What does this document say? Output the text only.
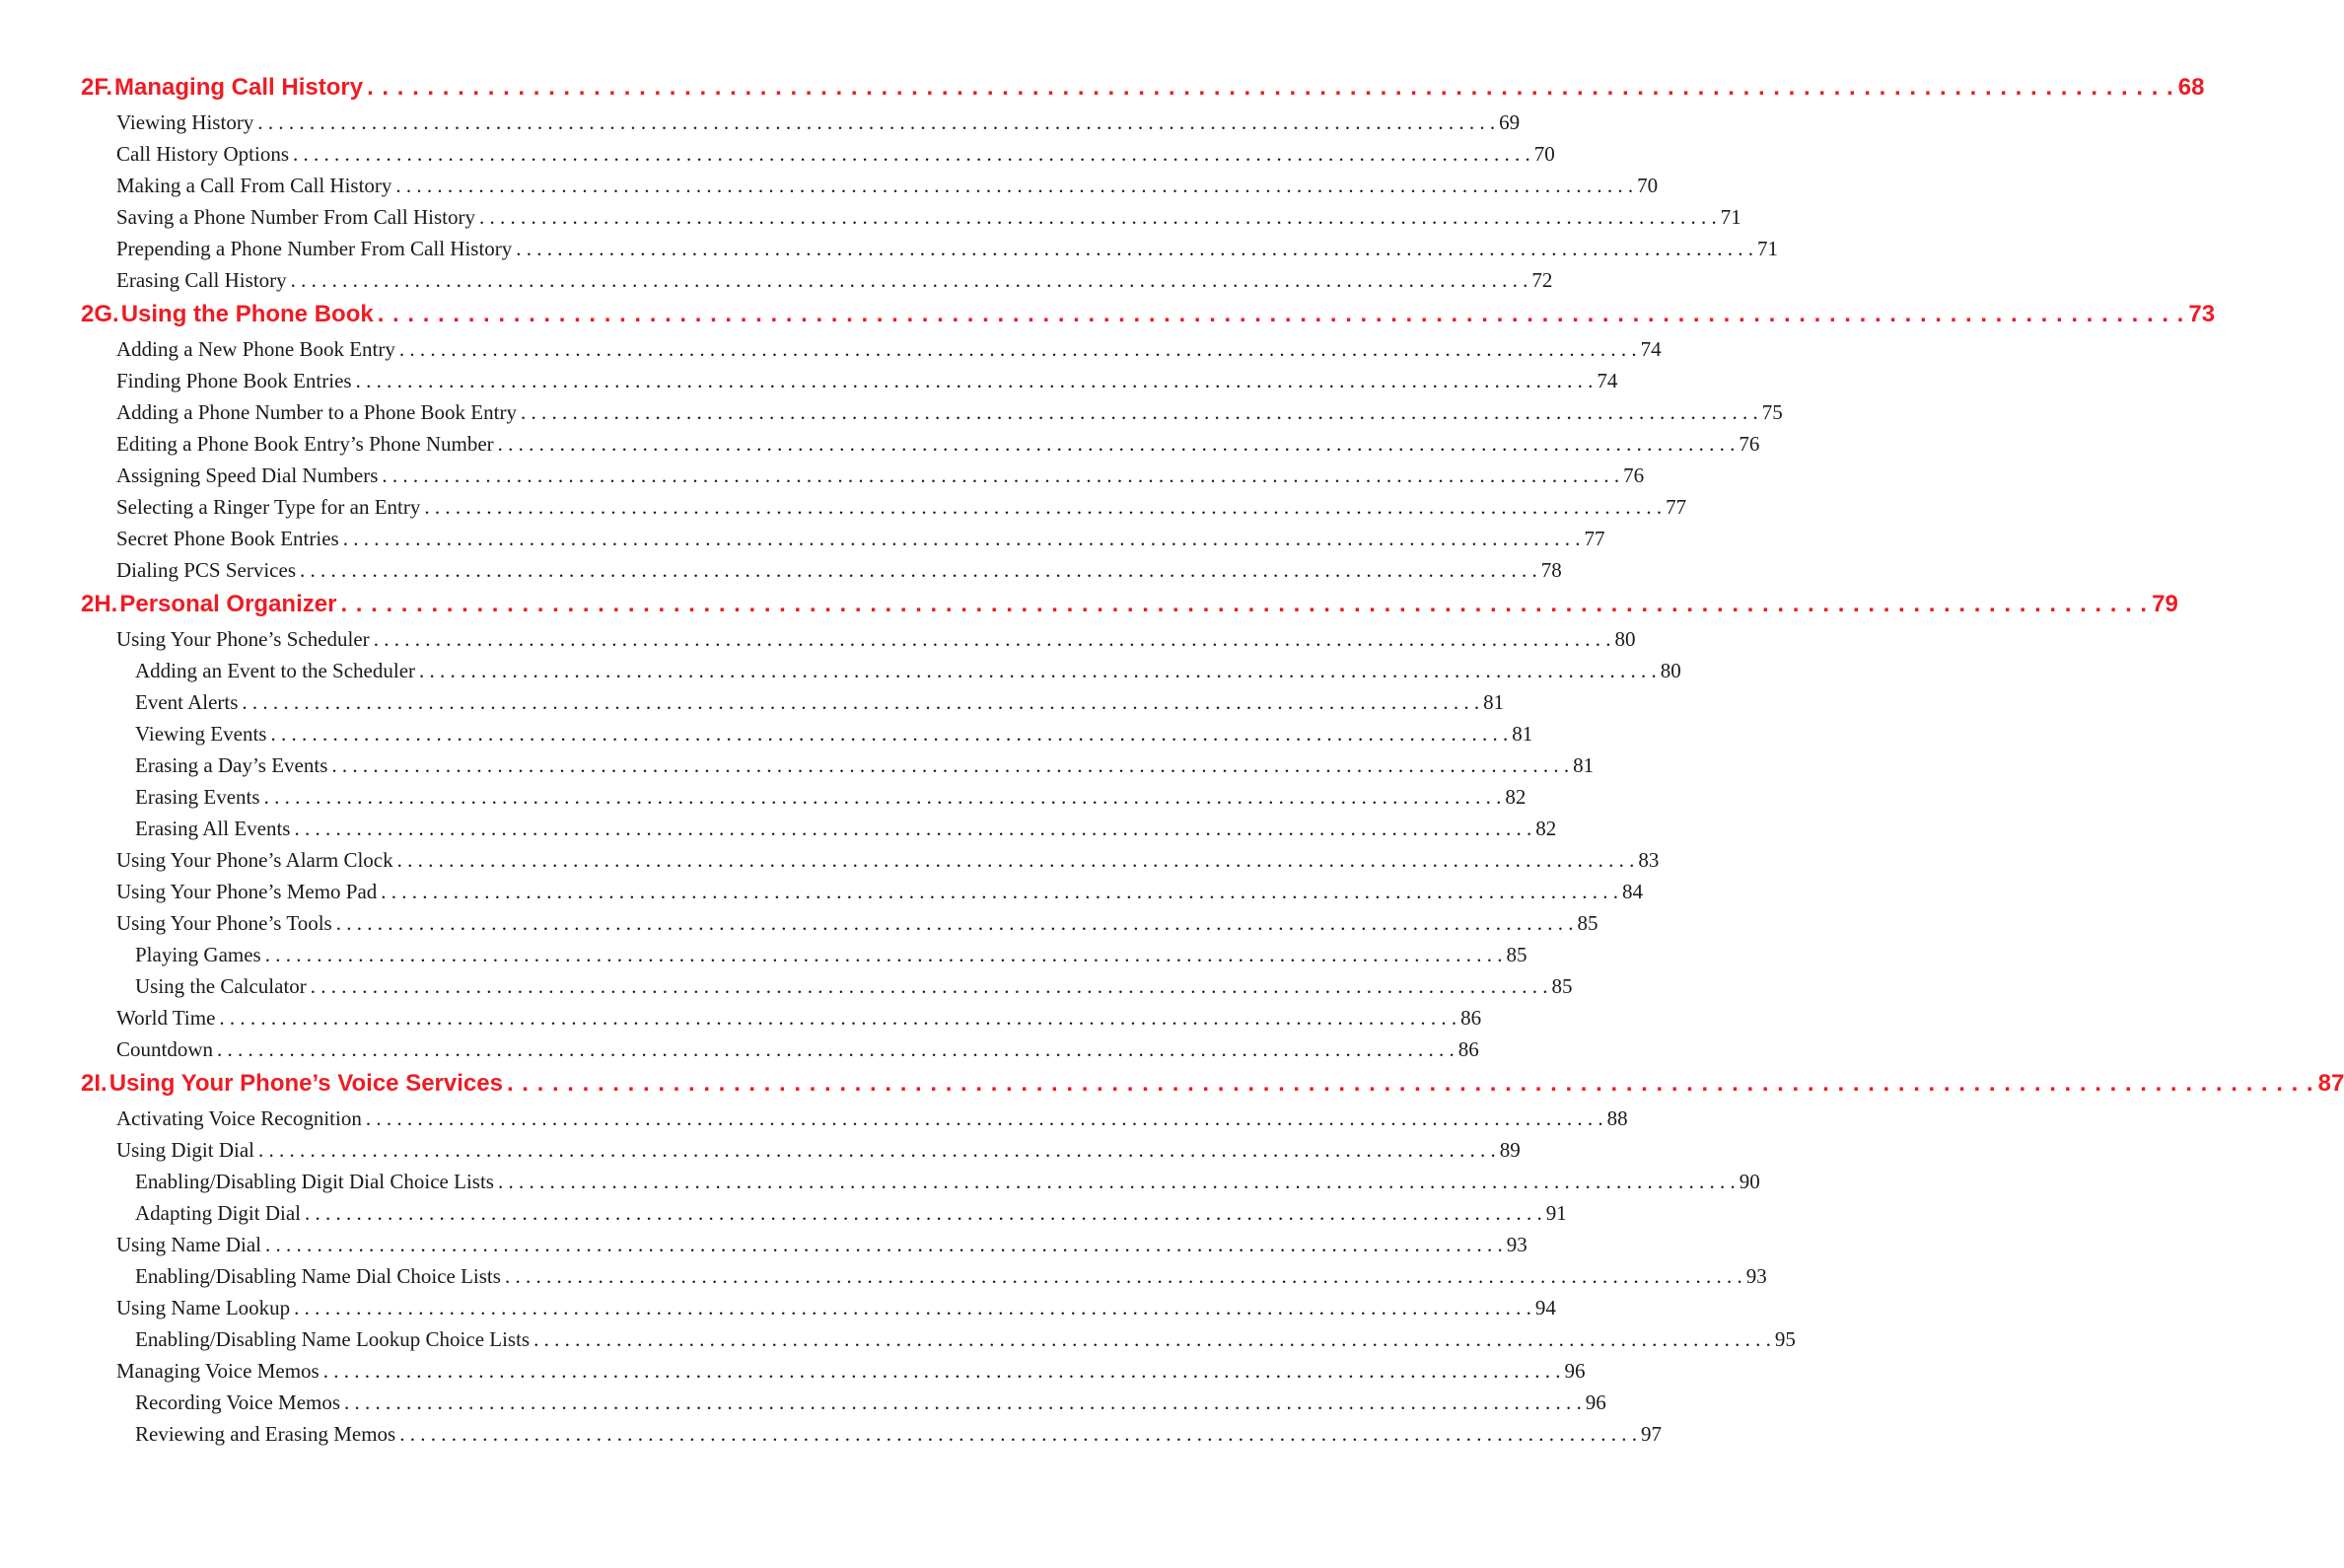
2F. Managing Call History . . . . . . . . . . . . . . . . . . . . . . . . . . . . . . . . . . . . . . . . . . . . . . . . . . . . . . . . . . . . . . . . . . . . . . . . . . . . . . . . . . . . . . . . . . . . . . . . . . . . . . . . . . . . . . . . . . . . . . . . 68
Viewing History . . . . . . . . . . . . . . . . . . . . . . . . . . . . . . . . . . . . . . . . . . . . . . . . . . . . . . . . . . . . . . . . . . . . . . . . . . . . . . . . . . . . . . . . . . . . . . . . . . . . . . . . . . . . . . . . . . . . . . . . 69
Call History Options . . . . . . . . . . . . . . . . . . . . . . . . . . . . . . . . . . . . . . . . . . . . . . . . . . . . . . . . . . . . . . . . . . . . . . . . . . . . . . . . . . . . . . . . . . . . . . . . . . . . . . . . . . . . . . . . . . . . . . . . 70
Making a Call From Call History . . . . . . . . . . . . . . . . . . . . . . . . . . . . . . . . . . . . . . . . . . . . . . . . . . . . . . . . . . . . . . . . . . . . . . . . . . . . . . . . . . . . . . . . . . . . . . . . . . . . . . . . . . . . . . . . . . . . . . . . 70
Saving a Phone Number From Call History . . . . . . . . . . . . . . . . . . . . . . . . . . . . . . . . . . . . . . . . . . . . . . . . . . . . . . . . . . . . . . . . . . . . . . . . . . . . . . . . . . . . . . . . . . . . . . . . . . . . . . . . . . . . . . . . . . . . . . . . 71
Prepending a Phone Number From Call History . . . . . . . . . . . . . . . . . . . . . . . . . . . . . . . . . . . . . . . . . . . . . . . . . . . . . . . . . . . . . . . . . . . . . . . . . . . . . . . . . . . . . . . . . . . . . . . . . . . . . . . . . . . . . . . . . . . . . . . . 71
Erasing Call History . . . . . . . . . . . . . . . . . . . . . . . . . . . . . . . . . . . . . . . . . . . . . . . . . . . . . . . . . . . . . . . . . . . . . . . . . . . . . . . . . . . . . . . . . . . . . . . . . . . . . . . . . . . . . . . . . . . . . . . . 72
2G. Using the Phone Book . . . . . . . . . . . . . . . . . . . . . . . . . . . . . . . . . . . . . . . . . . . . . . . . . . . . . . . . . . . . . . . . . . . . . . . . . . . . . . . . . . . . . . . . . . . . . . . . . . . . . . . . . . . . . . . . . . . . . . . . 73
Adding a New Phone Book Entry . . . . . . . . . . . . . . . . . . . . . . . . . . . . . . . . . . . . . . . . . . . . . . . . . . . . . . . . . . . . . . . . . . . . . . . . . . . . . . . . . . . . . . . . . . . . . . . . . . . . . . . . . . . . . . . . . . . . . . . . 74
Finding Phone Book Entries . . . . . . . . . . . . . . . . . . . . . . . . . . . . . . . . . . . . . . . . . . . . . . . . . . . . . . . . . . . . . . . . . . . . . . . . . . . . . . . . . . . . . . . . . . . . . . . . . . . . . . . . . . . . . . . . . . . . . . . . 74
Adding a Phone Number to a Phone Book Entry . . . . . . . . . . . . . . . . . . . . . . . . . . . . . . . . . . . . . . . . . . . . . . . . . . . . . . . . . . . . . . . . . . . . . . . . . . . . . . . . . . . . . . . . . . . . . . . . . . . . . . . . . . . . . . . . . . . . . . . . 75
Editing a Phone Book Entry’s Phone Number . . . . . . . . . . . . . . . . . . . . . . . . . . . . . . . . . . . . . . . . . . . . . . . . . . . . . . . . . . . . . . . . . . . . . . . . . . . . . . . . . . . . . . . . . . . . . . . . . . . . . . . . . . . . . . . . . . . . . . . . 76
Assigning Speed Dial Numbers . . . . . . . . . . . . . . . . . . . . . . . . . . . . . . . . . . . . . . . . . . . . . . . . . . . . . . . . . . . . . . . . . . . . . . . . . . . . . . . . . . . . . . . . . . . . . . . . . . . . . . . . . . . . . . . . . . . . . . . . 76
Selecting a Ringer Type for an Entry . . . . . . . . . . . . . . . . . . . . . . . . . . . . . . . . . . . . . . . . . . . . . . . . . . . . . . . . . . . . . . . . . . . . . . . . . . . . . . . . . . . . . . . . . . . . . . . . . . . . . . . . . . . . . . . . . . . . . . . . 77
Secret Phone Book Entries . . . . . . . . . . . . . . . . . . . . . . . . . . . . . . . . . . . . . . . . . . . . . . . . . . . . . . . . . . . . . . . . . . . . . . . . . . . . . . . . . . . . . . . . . . . . . . . . . . . . . . . . . . . . . . . . . . . . . . . . 77
Dialing PCS Services . . . . . . . . . . . . . . . . . . . . . . . . . . . . . . . . . . . . . . . . . . . . . . . . . . . . . . . . . . . . . . . . . . . . . . . . . . . . . . . . . . . . . . . . . . . . . . . . . . . . . . . . . . . . . . . . . . . . . . . . 78
2H. Personal Organizer . . . . . . . . . . . . . . . . . . . . . . . . . . . . . . . . . . . . . . . . . . . . . . . . . . . . . . . . . . . . . . . . . . . . . . . . . . . . . . . . . . . . . . . . . . . . . . . . . . . . . . . . . . . . . . . . . . . . . . . . 79
Using Your Phone’s Scheduler . . . . . . . . . . . . . . . . . . . . . . . . . . . . . . . . . . . . . . . . . . . . . . . . . . . . . . . . . . . . . . . . . . . . . . . . . . . . . . . . . . . . . . . . . . . . . . . . . . . . . . . . . . . . . . . . . . . . . . . . 80
Adding an Event to the Scheduler . . . . . . . . . . . . . . . . . . . . . . . . . . . . . . . . . . . . . . . . . . . . . . . . . . . . . . . . . . . . . . . . . . . . . . . . . . . . . . . . . . . . . . . . . . . . . . . . . . . . . . . . . . . . . . . . . . . . . . . . 80
Event Alerts . . . . . . . . . . . . . . . . . . . . . . . . . . . . . . . . . . . . . . . . . . . . . . . . . . . . . . . . . . . . . . . . . . . . . . . . . . . . . . . . . . . . . . . . . . . . . . . . . . . . . . . . . . . . . . . . . . . . . . . . 81
Viewing Events . . . . . . . . . . . . . . . . . . . . . . . . . . . . . . . . . . . . . . . . . . . . . . . . . . . . . . . . . . . . . . . . . . . . . . . . . . . . . . . . . . . . . . . . . . . . . . . . . . . . . . . . . . . . . . . . . . . . . . . . 81
Erasing a Day’s Events . . . . . . . . . . . . . . . . . . . . . . . . . . . . . . . . . . . . . . . . . . . . . . . . . . . . . . . . . . . . . . . . . . . . . . . . . . . . . . . . . . . . . . . . . . . . . . . . . . . . . . . . . . . . . . . . . . . . . . . . 81
Erasing Events . . . . . . . . . . . . . . . . . . . . . . . . . . . . . . . . . . . . . . . . . . . . . . . . . . . . . . . . . . . . . . . . . . . . . . . . . . . . . . . . . . . . . . . . . . . . . . . . . . . . . . . . . . . . . . . . . . . . . . . . 82
Erasing All Events . . . . . . . . . . . . . . . . . . . . . . . . . . . . . . . . . . . . . . . . . . . . . . . . . . . . . . . . . . . . . . . . . . . . . . . . . . . . . . . . . . . . . . . . . . . . . . . . . . . . . . . . . . . . . . . . . . . . . . . . 82
Using Your Phone’s Alarm Clock . . . . . . . . . . . . . . . . . . . . . . . . . . . . . . . . . . . . . . . . . . . . . . . . . . . . . . . . . . . . . . . . . . . . . . . . . . . . . . . . . . . . . . . . . . . . . . . . . . . . . . . . . . . . . . . . . . . . . . . . 83
Using Your Phone’s Memo Pad . . . . . . . . . . . . . . . . . . . . . . . . . . . . . . . . . . . . . . . . . . . . . . . . . . . . . . . . . . . . . . . . . . . . . . . . . . . . . . . . . . . . . . . . . . . . . . . . . . . . . . . . . . . . . . . . . . . . . . . . 84
Using Your Phone’s Tools . . . . . . . . . . . . . . . . . . . . . . . . . . . . . . . . . . . . . . . . . . . . . . . . . . . . . . . . . . . . . . . . . . . . . . . . . . . . . . . . . . . . . . . . . . . . . . . . . . . . . . . . . . . . . . . . . . . . . . . . 85
Playing Games . . . . . . . . . . . . . . . . . . . . . . . . . . . . . . . . . . . . . . . . . . . . . . . . . . . . . . . . . . . . . . . . . . . . . . . . . . . . . . . . . . . . . . . . . . . . . . . . . . . . . . . . . . . . . . . . . . . . . . . . 85
Using the Calculator . . . . . . . . . . . . . . . . . . . . . . . . . . . . . . . . . . . . . . . . . . . . . . . . . . . . . . . . . . . . . . . . . . . . . . . . . . . . . . . . . . . . . . . . . . . . . . . . . . . . . . . . . . . . . . . . . . . . . . . . 85
World Time . . . . . . . . . . . . . . . . . . . . . . . . . . . . . . . . . . . . . . . . . . . . . . . . . . . . . . . . . . . . . . . . . . . . . . . . . . . . . . . . . . . . . . . . . . . . . . . . . . . . . . . . . . . . . . . . . . . . . . . . 86
Countdown . . . . . . . . . . . . . . . . . . . . . . . . . . . . . . . . . . . . . . . . . . . . . . . . . . . . . . . . . . . . . . . . . . . . . . . . . . . . . . . . . . . . . . . . . . . . . . . . . . . . . . . . . . . . . . . . . . . . . . . . 86
2I. Using Your Phone’s Voice Services . . . . . . . . . . . . . . . . . . . . . . . . . . . . . . . . . . . . . . . . . . . . . . . . . . . . . . . . . . . . . . . . . . . . . . . . . . . . . . . . . . . . . . . . . . . . . . . . . . . . . . . . . . . . . . . . . . . . . . . . 87
Activating Voice Recognition . . . . . . . . . . . . . . . . . . . . . . . . . . . . . . . . . . . . . . . . . . . . . . . . . . . . . . . . . . . . . . . . . . . . . . . . . . . . . . . . . . . . . . . . . . . . . . . . . . . . . . . . . . . . . . . . . . . . . . . . 88
Using Digit Dial . . . . . . . . . . . . . . . . . . . . . . . . . . . . . . . . . . . . . . . . . . . . . . . . . . . . . . . . . . . . . . . . . . . . . . . . . . . . . . . . . . . . . . . . . . . . . . . . . . . . . . . . . . . . . . . . . . . . . . . . 89
Enabling/Disabling Digit Dial Choice Lists . . . . . . . . . . . . . . . . . . . . . . . . . . . . . . . . . . . . . . . . . . . . . . . . . . . . . . . . . . . . . . . . . . . . . . . . . . . . . . . . . . . . . . . . . . . . . . . . . . . . . . . . . . . . . . . . . . . . . . . . 90
Adapting Digit Dial . . . . . . . . . . . . . . . . . . . . . . . . . . . . . . . . . . . . . . . . . . . . . . . . . . . . . . . . . . . . . . . . . . . . . . . . . . . . . . . . . . . . . . . . . . . . . . . . . . . . . . . . . . . . . . . . . . . . . . . . 91
Using Name Dial . . . . . . . . . . . . . . . . . . . . . . . . . . . . . . . . . . . . . . . . . . . . . . . . . . . . . . . . . . . . . . . . . . . . . . . . . . . . . . . . . . . . . . . . . . . . . . . . . . . . . . . . . . . . . . . . . . . . . . . . 93
Enabling/Disabling Name Dial Choice Lists . . . . . . . . . . . . . . . . . . . . . . . . . . . . . . . . . . . . . . . . . . . . . . . . . . . . . . . . . . . . . . . . . . . . . . . . . . . . . . . . . . . . . . . . . . . . . . . . . . . . . . . . . . . . . . . . . . . . . . . . 93
Using Name Lookup . . . . . . . . . . . . . . . . . . . . . . . . . . . . . . . . . . . . . . . . . . . . . . . . . . . . . . . . . . . . . . . . . . . . . . . . . . . . . . . . . . . . . . . . . . . . . . . . . . . . . . . . . . . . . . . . . . . . . . . . 94
Enabling/Disabling Name Lookup Choice Lists . . . . . . . . . . . . . . . . . . . . . . . . . . . . . . . . . . . . . . . . . . . . . . . . . . . . . . . . . . . . . . . . . . . . . . . . . . . . . . . . . . . . . . . . . . . . . . . . . . . . . . . . . . . . . . . . . . . . . . . . 95
Managing Voice Memos . . . . . . . . . . . . . . . . . . . . . . . . . . . . . . . . . . . . . . . . . . . . . . . . . . . . . . . . . . . . . . . . . . . . . . . . . . . . . . . . . . . . . . . . . . . . . . . . . . . . . . . . . . . . . . . . . . . . . . . . 96
Recording Voice Memos . . . . . . . . . . . . . . . . . . . . . . . . . . . . . . . . . . . . . . . . . . . . . . . . . . . . . . . . . . . . . . . . . . . . . . . . . . . . . . . . . . . . . . . . . . . . . . . . . . . . . . . . . . . . . . . . . . . . . . . . 96
Reviewing and Erasing Memos . . . . . . . . . . . . . . . . . . . . . . . . . . . . . . . . . . . . . . . . . . . . . . . . . . . . . . . . . . . . . . . . . . . . . . . . . . . . . . . . . . . . . . . . . . . . . . . . . . . . . . . . . . . . . . . . . . . . . . . . 97
